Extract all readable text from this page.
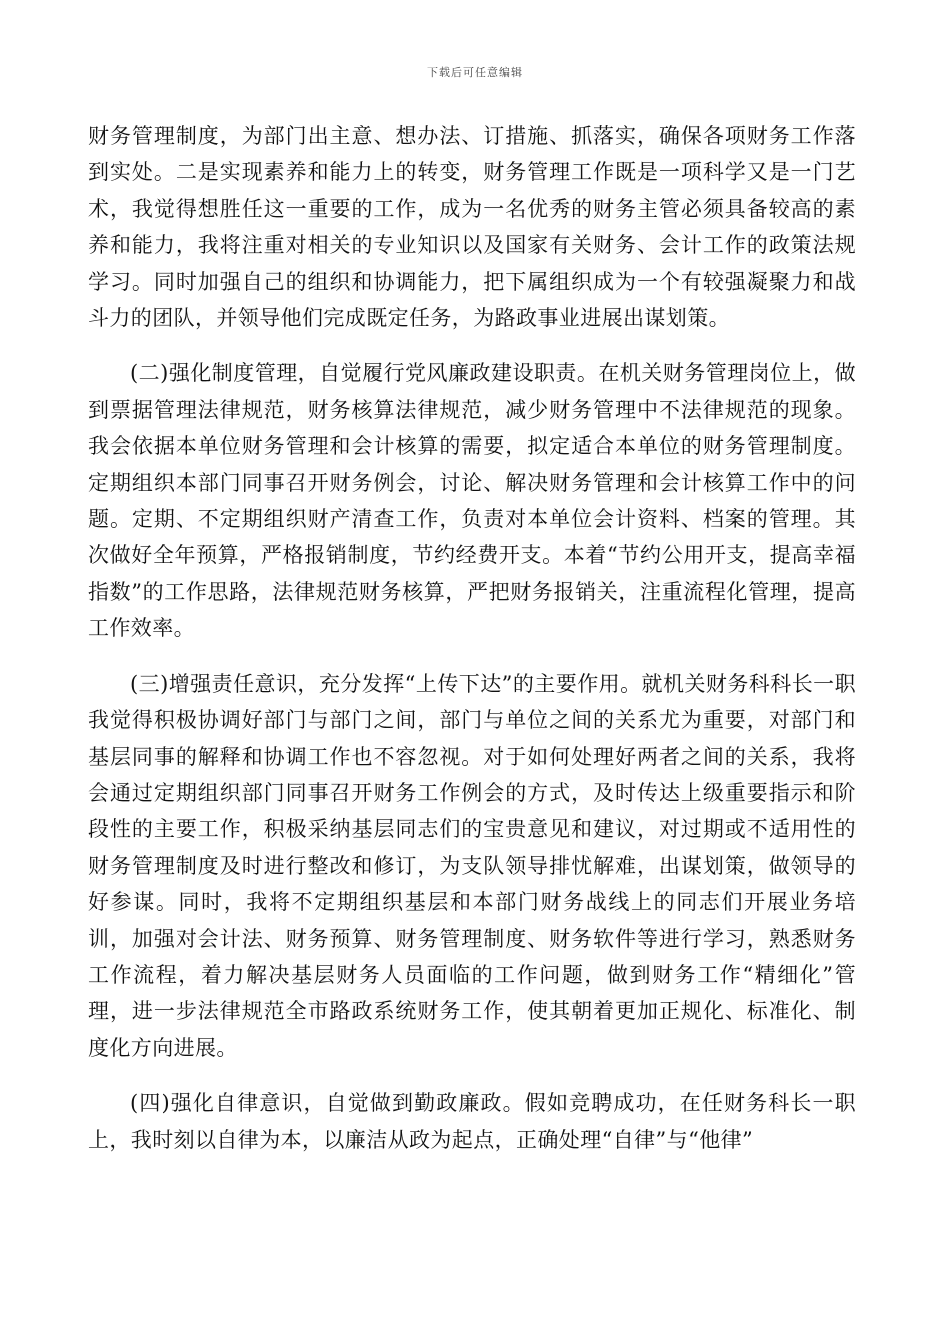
下载后可任意编辑

财务管理制度，为部门出主意、想办法、订措施、抓落实，确保各项财务工作落到实处。二是实现素养和能力上的转变，财务管理工作既是一项科学又是一门艺术，我觉得想胜任这一重要的工作，成为一名优秀的财务主管必须具备较高的素养和能力，我将注重对相关的专业知识以及国家有关财务、会计工作的政策法规学习。同时加强自己的组织和协调能力，把下属组织成为一个有较强凝聚力和战斗力的团队，并领导他们完成既定任务，为路政事业进展出谋划策。

(二)强化制度管理，自觉履行党风廉政建设职责。在机关财务管理岗位上，做到票据管理法律规范，财务核算法律规范，减少财务管理中不法律规范的现象。我会依据本单位财务管理和会计核算的需要，拟定适合本单位的财务管理制度。定期组织本部门同事召开财务例会，讨论、解决财务管理和会计核算工作中的问题。定期、不定期组织财产清查工作，负责对本单位会计资料、档案的管理。其次做好全年预算，严格报销制度，节约经费开支。本着“节约公用开支，提高幸福指数”的工作思路，法律规范财务核算，严把财务报销关，注重流程化管理，提高工作效率。

(三)增强责任意识，充分发挥“上传下达”的主要作用。就机关财务科科长一职我觉得积极协调好部门与部门之间，部门与单位之间的关系尤为重要，对部门和基层同事的解释和协调工作也不容忽视。对于如何处理好两者之间的关系，我将会通过定期组织部门同事召开财务工作例会的方式，及时传达上级重要指示和阶段性的主要工作，积极采纳基层同志们的宝贵意见和建议，对过期或不适用性的财务管理制度及时进行整改和修订，为支队领导排忧解难，出谋划策，做领导的好参谋。同时，我将不定期组织基层和本部门财务战线上的同志们开展业务培训，加强对会计法、财务预算、财务管理制度、财务软件等进行学习，熟悉财务工作流程，着力解决基层财务人员面临的工作问题，做到财务工作“精细化”管理，进一步法律规范全市路政系统财务工作，使其朝着更加正规化、标准化、制度化方向进展。

(四)强化自律意识，自觉做到勤政廉政。假如竞聘成功，在任财务科长一职上，我时刻以自律为本，以廉洁从政为起点，正确处理“自律”与“他律”
